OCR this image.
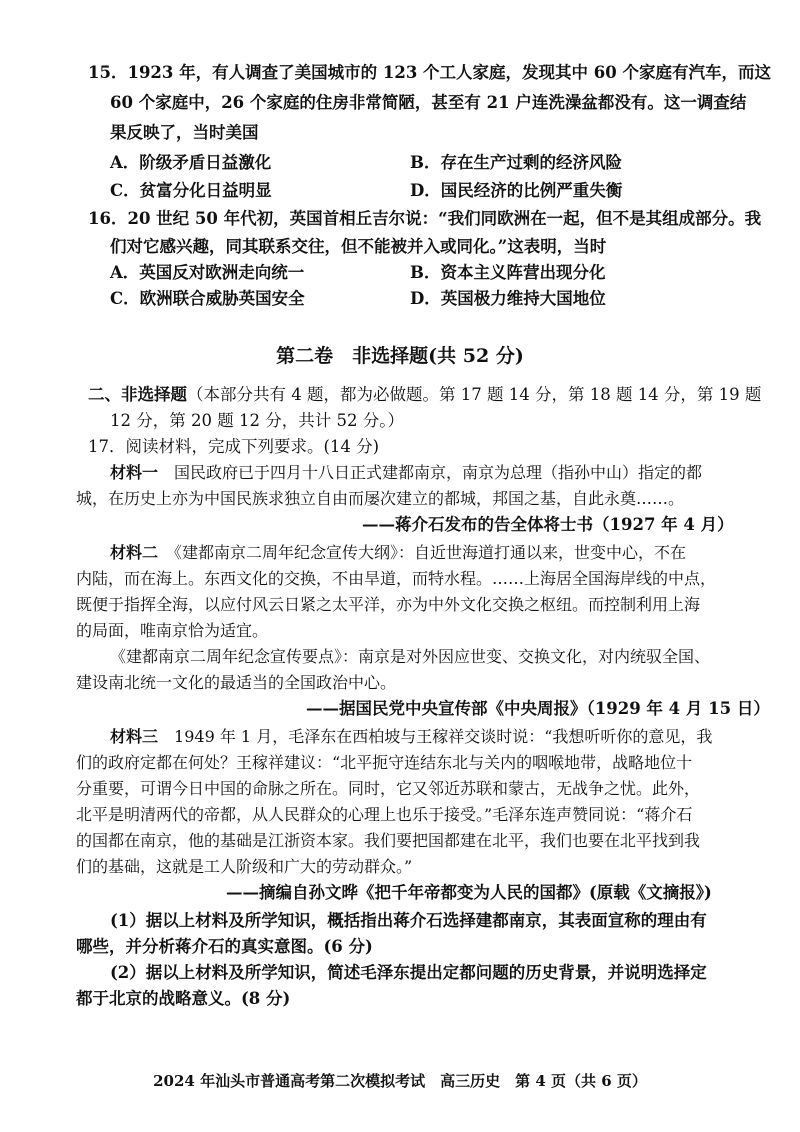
15．1923 年，有人调查了美国城市的 123 个工人家庭，发现其中 60 个家庭有汽车，而这
60 个家庭中，26 个家庭的住房非常简陋，甚至有 21 户连洗澡盆都没有。这一调查结
果反映了，当时美国
A．阶级矛盾日益激化	B．存在生产过剩的经济风险
C．贫富分化日益明显	D．国民经济的比例严重失衡
16．20 世纪 50 年代初，英国首相丘吉尔说：“我们同欧洲在一起，但不是其组成部分。我
们对它感兴趣，同其联系交往，但不能被并入或同化。”这表明，当时
A．英国反对欧洲走向统一	B．资本主义阵营出现分化
C．欧洲联合威胁英国安全	D．英国极力维持大国地位
第二卷　非选择题(共 52 分)
二、非选择题（本部分共有 4 题，都为必做题。第 17 题 14 分，第 18 题 14 分，第 19 题
12 分，第 20 题 12 分，共计 52 分。）
17．阅读材料，完成下列要求。(14 分)
材料一　 国民政府已于四月十八日正式建都南京，南京为总理（指孙中山）指定的都
城，在历史上亦为中国民族求独立自由而屡次建立的都城，邦国之基，自此永奠……。
——蒋介石发布的告全体将士书（1927 年 4 月）
材料二　 《建都南京二周年纪念宣传大纲》：自近世海道打通以来，世变中心，不在
内陆，而在海上。东西文化的交换，不由旱道，而特水程。……上海居全国海岸线的中点，
既便于指挥全海，以应付风云日紧之太平洋，亦为中外文化交换之枢纽。而控制利用上海
的局面，唯南京恰为适宜。
《建都南京二周年纪念宣传要点》：南京是对外因应世变、交换文化，对内统驭全国、
建设南北统一文化的最适当的全国政治中心。
——据国民党中央宣传部《中央周报》（1929 年 4 月 15 日）
材料三　 1949 年 1 月，毛泽东在西柏坡与王稼祥交谈时说：“我想听听你的意见，我
们的政府定都在何处？王稼祥建议：“北平扼守连结东北与关内的咽喉地带，战略地位十
分重要，可谓今日中国的命脉之所在。同时，它又邻近苏联和蒙古，无战争之忧。此外，
北平是明清两代的帝都，从人民群众的心理上也乐于接受。”毛泽东连声赞同说：“蒋介石
的国都在南京，他的基础是江浙资本家。我们要把国都建在北平，我们也要在北平找到我
们的基础，这就是工人阶级和广大的劳动群众。”
——摘编自孙文晔《把千年帝都变为人民的国都》(原载《文摘报》)
(1）据以上材料及所学知识，概括指出蒋介石选择建都南京，其表面宣称的理由有
哪些，并分析蒋介石的真实意图。(6 分)
(2）据以上材料及所学知识，简述毛泽东提出定都问题的历史背景，并说明选择定
都于北京的战略意义。(8 分)
2024 年汕头市普通高考第二次模拟考试　高三历史　第 4 页（共 6 页）
